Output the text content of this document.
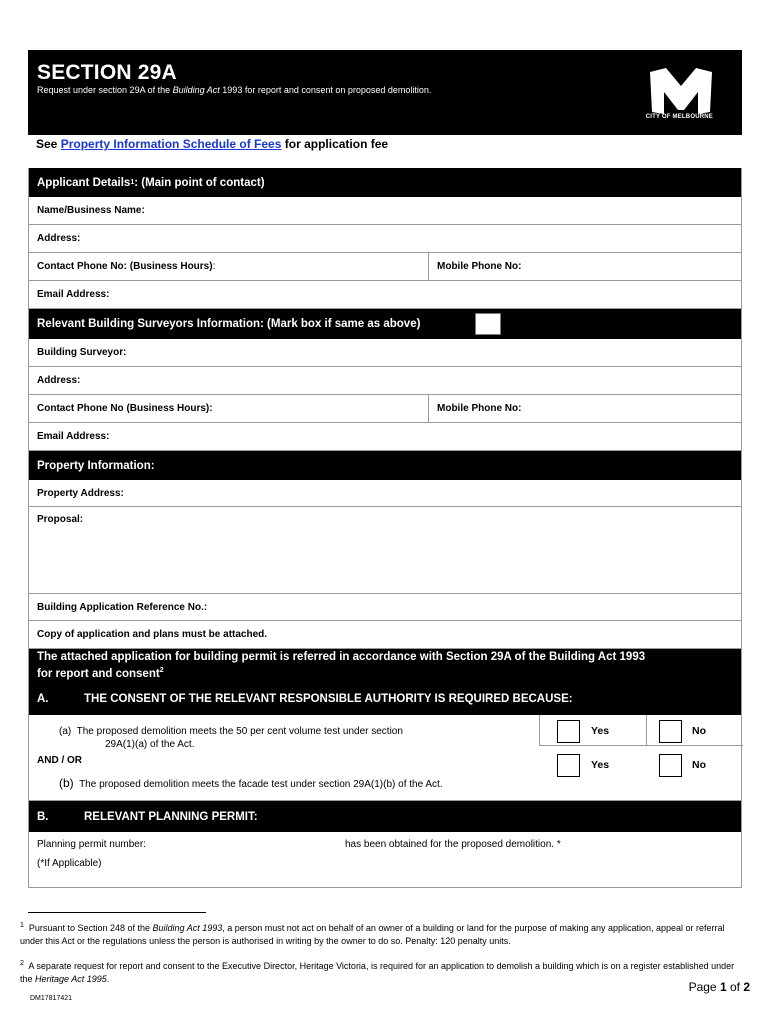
SECTION 29A
Request under section 29A of the Building Act 1993 for report and consent on proposed demolition.
CITY OF MELBOURNE
See Property Information Schedule of Fees for application fee
Applicant Details 1 : (Main point of contact)
Name/Business Name:
Address:
Contact Phone No: (Business Hours) :	Mobile Phone No:
Email Address:
Relevant Building Surveyors Information: (Mark box if same as above)
Building Surveyor:
Address:
Contact Phone No (Business Hours):	Mobile Phone No:
Email Address:
Property Information:
Property Address:
Proposal:
Building Application Reference No.:
Copy of application and plans must be attached.
The attached application for building permit is referred in accordance with Section 29A of the Building Act 1993
for report and consent$^2$
A.	THE CONSENT OF THE RELEVANT RESPONSIBLE AUTHORITY IS REQUIRED BECAUSE:
(a) The proposed demolition meets the 50 per cent volume test under section
29A(1)(a) of the Act.
AND / OR
(b) The proposed demolition meets the facade test under section 29A(1)(b) of the Act.
Yes	No
Yes	No
B.	RELEVANT PLANNING PERMIT:
Planning permit number:	has been obtained for the proposed demolition. *
(*If Applicable)
$^1$ Pursuant to Section 248 of the Building Act 1993, a person must not act on behalf of an owner of a building or land for the purpose of making any application, appeal or referral under this Act or the regulations unless the person is authorised in writing by the owner to do so. Penalty: 120 penalty units.
$^2$ A separate request for report and consent to the Executive Director, Heritage Victoria, is required for an application to demolish a building which is on a register established under the Heritage Act 1995.
Page 1 of 2
DM17817421
